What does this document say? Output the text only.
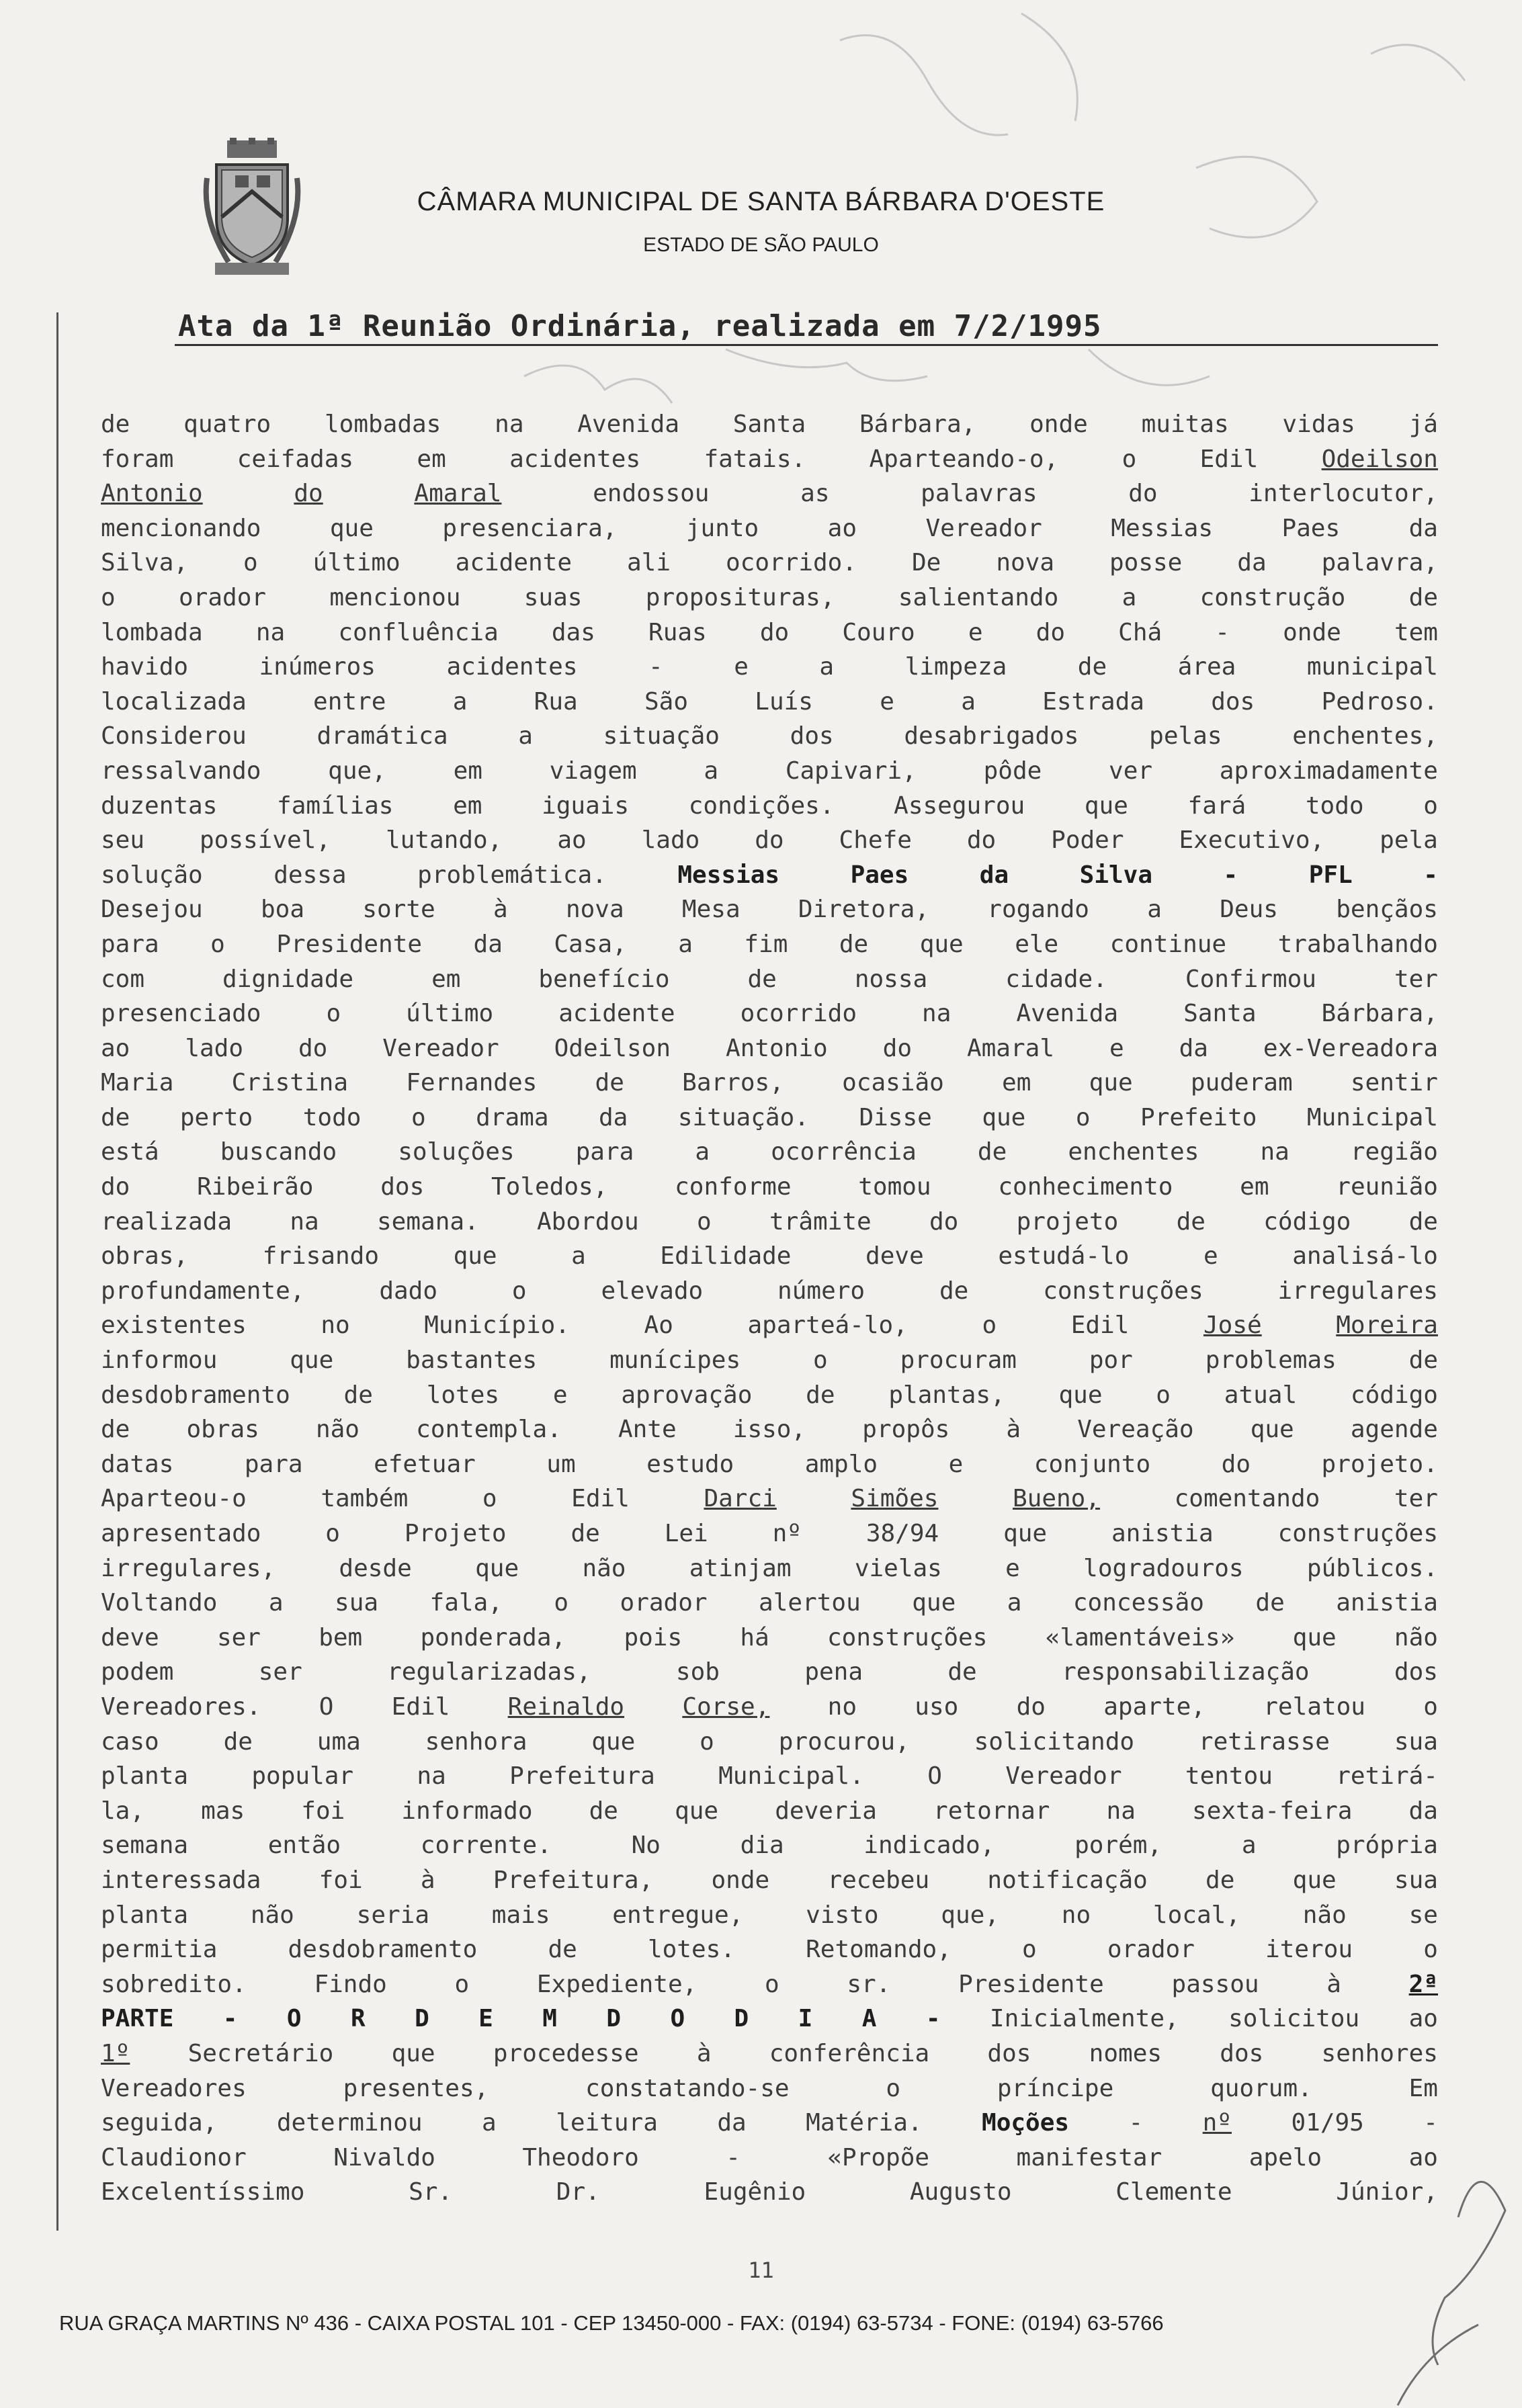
CÂMARA MUNICIPAL DE SANTA BÁRBARA D'OESTE
ESTADO DE SÃO PAULO
Ata da 1ª Reunião Ordinária, realizada em 7/2/1995
de quatro lombadas na Avenida Santa Bárbara, onde muitas vidas já
foram	ceifadas	em	acidentes	fatais.	Aparteando-o,	o	Edil	Odeilson
Antonio	do	Amaral	endossou	as	palavras	do	interlocutor,
mencionando	que	presenciara,	junto	ao	Vereador	Messias	Paes	da
Silva, o último acidente ali ocorrido. De nova posse da palavra,
o	orador	mencionou	suas	proposituras,	salientando	a	construção	de
lombada na confluência das Ruas do Couro e do Chá - onde tem
havido	inúmeros	acidentes	-	e	a	limpeza	de	área	municipal
localizada	entre	a	Rua	São	Luís	e	a	Estrada	dos	Pedroso.
Considerou	dramática	a	situação	dos	desabrigados	pelas	enchentes,
ressalvando	que,	em	viagem	a	Capivari,	pôde	ver	aproximadamente
duzentas famílias em iguais condições. Assegurou que fará todo o
seu possível, lutando, ao lado do Chefe do Poder Executivo, pela
solução	dessa	problemática.	Messias	Paes	da	Silva	-	PFL	-
Desejou boa sorte à nova Mesa Diretora, rogando a Deus bençãos
para o Presidente da Casa, a fim de que ele continue trabalhando
com	dignidade	em	benefício	de	nossa	cidade.	Confirmou	ter
presenciado	o	último	acidente	ocorrido	na	Avenida	Santa	Bárbara,
ao lado do Vereador Odeilson Antonio do Amaral e da ex-Vereadora
Maria Cristina Fernandes de Barros, ocasião em que puderam sentir
de perto todo o drama da situação. Disse que o Prefeito Municipal
está	buscando	soluções	para	a	ocorrência	de	enchentes	na	região
do	Ribeirão	dos	Toledos,	conforme	tomou	conhecimento	em	reunião
realizada na semana. Abordou o trâmite do projeto de código de
obras,	frisando	que	a	Edilidade	deve	estudá-lo	e	analisá-lo
profundamente,	dado	o	elevado	número	de	construções	irregulares
existentes	no	Município.	Ao	aparteá-lo,	o	Edil	José	Moreira
informou	que	bastantes	munícipes	o	procuram	por	problemas	de
desdobramento de lotes e aprovação de plantas, que o atual código
de obras não contempla. Ante isso, propôs à Vereação que agende
datas	para	efetuar	um	estudo	amplo	e	conjunto	do	projeto.
Aparteou-o	também	o	Edil	Darci	Simões	Bueno,	comentando	ter
apresentado	o	Projeto	de	Lei	nº	38/94	que	anistia	construções
irregulares,	desde	que	não	atinjam	vielas	e	logradouros	públicos.
Voltando a sua fala, o orador alertou que a concessão de anistia
deve ser bem ponderada, pois há construções «lamentáveis» que não
podem	ser	regularizadas,	sob	pena	de	responsabilização	dos
Vereadores. O Edil Reinaldo Corse, no uso do aparte, relatou o
caso	de	uma	senhora	que	o	procurou,	solicitando	retirasse	sua
planta	popular	na	Prefeitura	Municipal.	O	Vereador	tentou	retirá-
la, mas foi informado de que deveria retornar na sexta-feira da
semana	então	corrente.	No	dia	indicado,	porém,	a	própria
interessada foi à Prefeitura, onde recebeu notificação de que sua
planta	não	seria	mais	entregue,	visto	que,	no	local,	não	se
permitia	desdobramento	de	lotes.	Retomando,	o	orador	iterou	o
sobredito.	Findo	o	Expediente,	o	sr.	Presidente	passou	à	2ª
PARTE - O R D E M D O D I A - Inicialmente, solicitou ao
1º Secretário que procedesse à conferência dos nomes dos senhores
Vereadores	presentes,	constatando-se	o	príncipe	quorum.	Em
seguida, determinou a leitura da Matéria. Moções - nº 01/95 -
Claudionor	Nivaldo	Theodoro	-	«Propõe	manifestar	apelo	ao
Excelentíssimo	Sr.	Dr.	Eugênio	Augusto	Clemente	Júnior,
11
RUA GRAÇA MARTINS Nº 436 - CAIXA POSTAL 101 - CEP 13450-000 - FAX: (0194) 63-5734 - FONE: (0194) 63-5766
